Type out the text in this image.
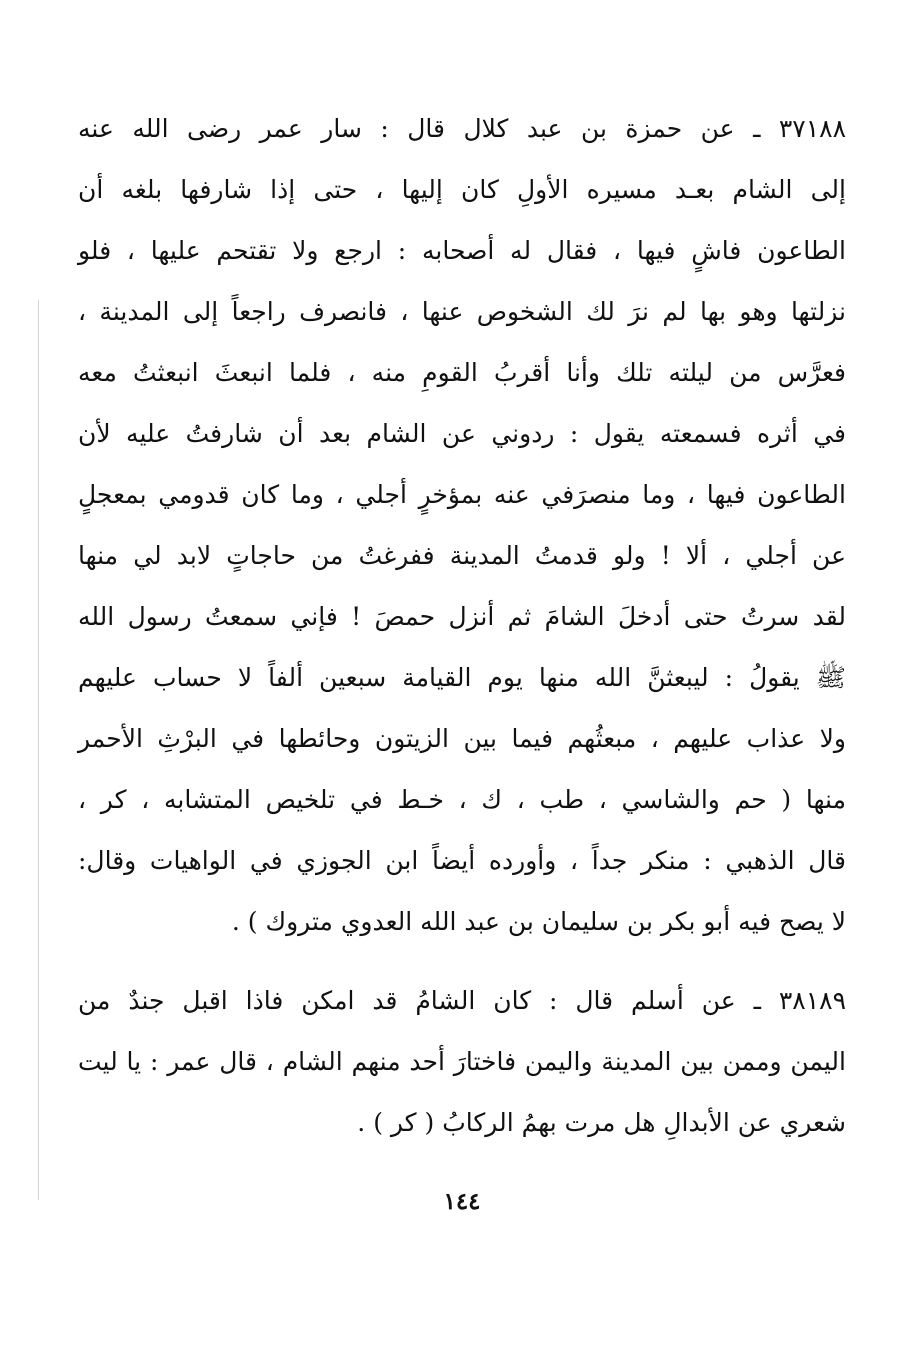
٣٧١٨٨ ـ عن حمزة بن عبد كلال قال : سار عمر رضى الله عنه
إلى الشام بعـد مسيره الأولِ كان إليها ، حتى إذا شارفها بلغه أن
الطاعون فاشٍ فيها ، فقال له أصحابه : ارجع ولا تقتحم عليها ، فلو
نزلتها وهو بها لم نرَ لك الشخوص عنها ، فانصرف راجعاً إلى المدينة ،
فعرَّس من ليلته تلك وأنا أقربُ القومِ منه ، فلما انبعثَ انبعثتُ معه
في أثره فسمعته يقول : ردوني عن الشام بعد أن شارفتُ عليه لأن
الطاعون فيها ، وما منصرَفي عنه بمؤخرٍ أجلي ، وما كان قدومي بمعجلٍ
عن أجلي ، ألا ! ولو قدمتُ المدينة ففرغتُ من حاجاتٍ لابد لي منها
لقد سرتُ حتى أدخلَ الشامَ ثم أنزل حمصَ ! فإني سمعتُ رسول الله
ﷺ يقولُ : ليبعثنَّ الله منها يوم القيامة سبعين ألفاً لا حساب عليهم
ولا عذاب عليهم ، مبعثُهم فيما بين الزيتون وحائطها في البرْثِ الأحمر
منها ( حم والشاسي ، طب ، ك ، خـط في تلخيص المتشابه ، كر ،
قال الذهبي : منكر جداً ، وأورده أيضاً ابن الجوزي في الواهيات وقال:
لا يصح فيه أبو بكر بن سليمان بن عبد الله العدوي متروك ) .
٣٨١٨٩ ـ عن أسلم قال : كان الشامُ قد امكن فاذا اقبل جندٌ من
اليمن وممن بين المدينة واليمن فاختارَ أحد منهم الشام ، قال عمر : يا ليت
شعري عن الأبدالِ هل مرت بهمُ الركابُ ( كر ) .
١٤٤
